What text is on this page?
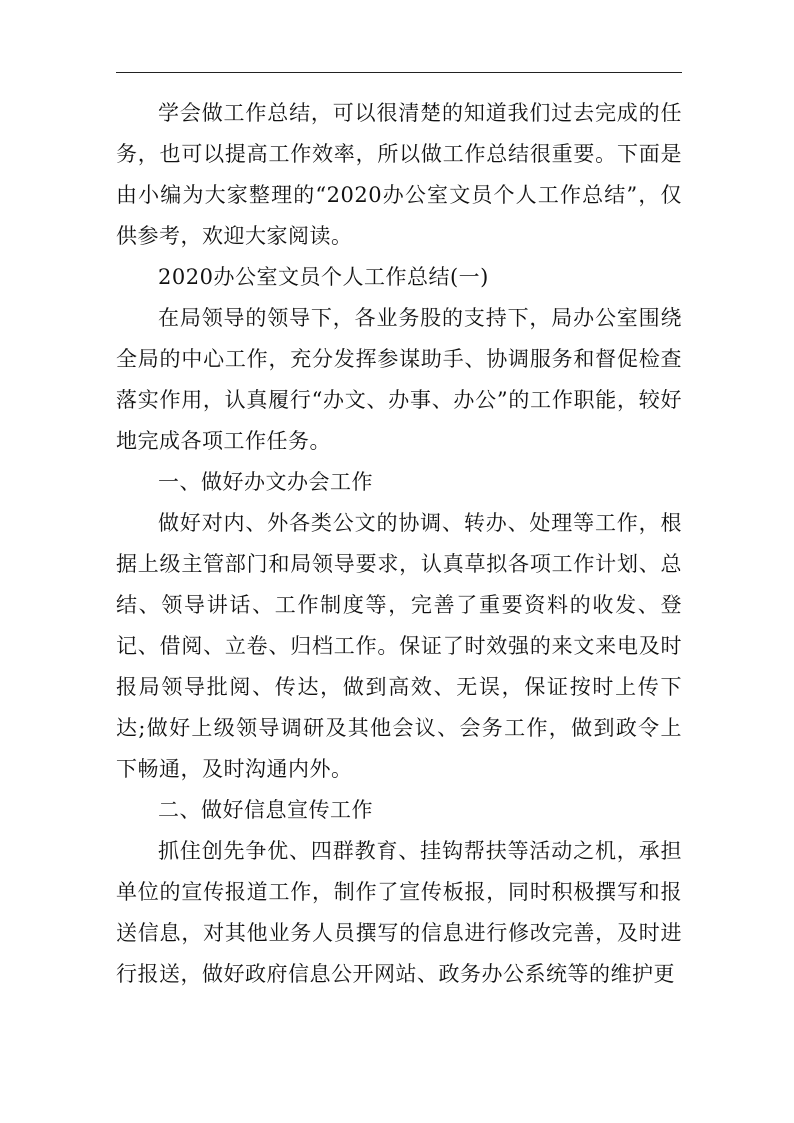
学会做工作总结，可以很清楚的知道我们过去完成的任务，也可以提高工作效率，所以做工作总结很重要。下面是由小编为大家整理的“2020办公室文员个人工作总结”，仅供参考，欢迎大家阅读。

2020办公室文员个人工作总结(一)

在局领导的领导下，各业务股的支持下，局办公室围绕全局的中心工作，充分发挥参谋助手、协调服务和督促检查落实作用，认真履行“办文、办事、办公”的工作职能，较好地完成各项工作任务。

一、做好办文办会工作

做好对内、外各类公文的协调、转办、处理等工作，根据上级主管部门和局领导要求，认真草拟各项工作计划、总结、领导讲话、工作制度等，完善了重要资料的收发、登记、借阅、立卷、归档工作。保证了时效强的来文来电及时报局领导批阅、传达，做到高效、无误，保证按时上传下达;做好上级领导调研及其他会议、会务工作，做到政令上下畅通，及时沟通内外。

二、做好信息宣传工作

抓住创先争优、四群教育、挂钩帮扶等活动之机，承担单位的宣传报道工作，制作了宣传板报，同时积极撰写和报送信息，对其他业务人员撰写的信息进行修改完善，及时进行报送，做好政府信息公开网站、政务办公系统等的维护更
